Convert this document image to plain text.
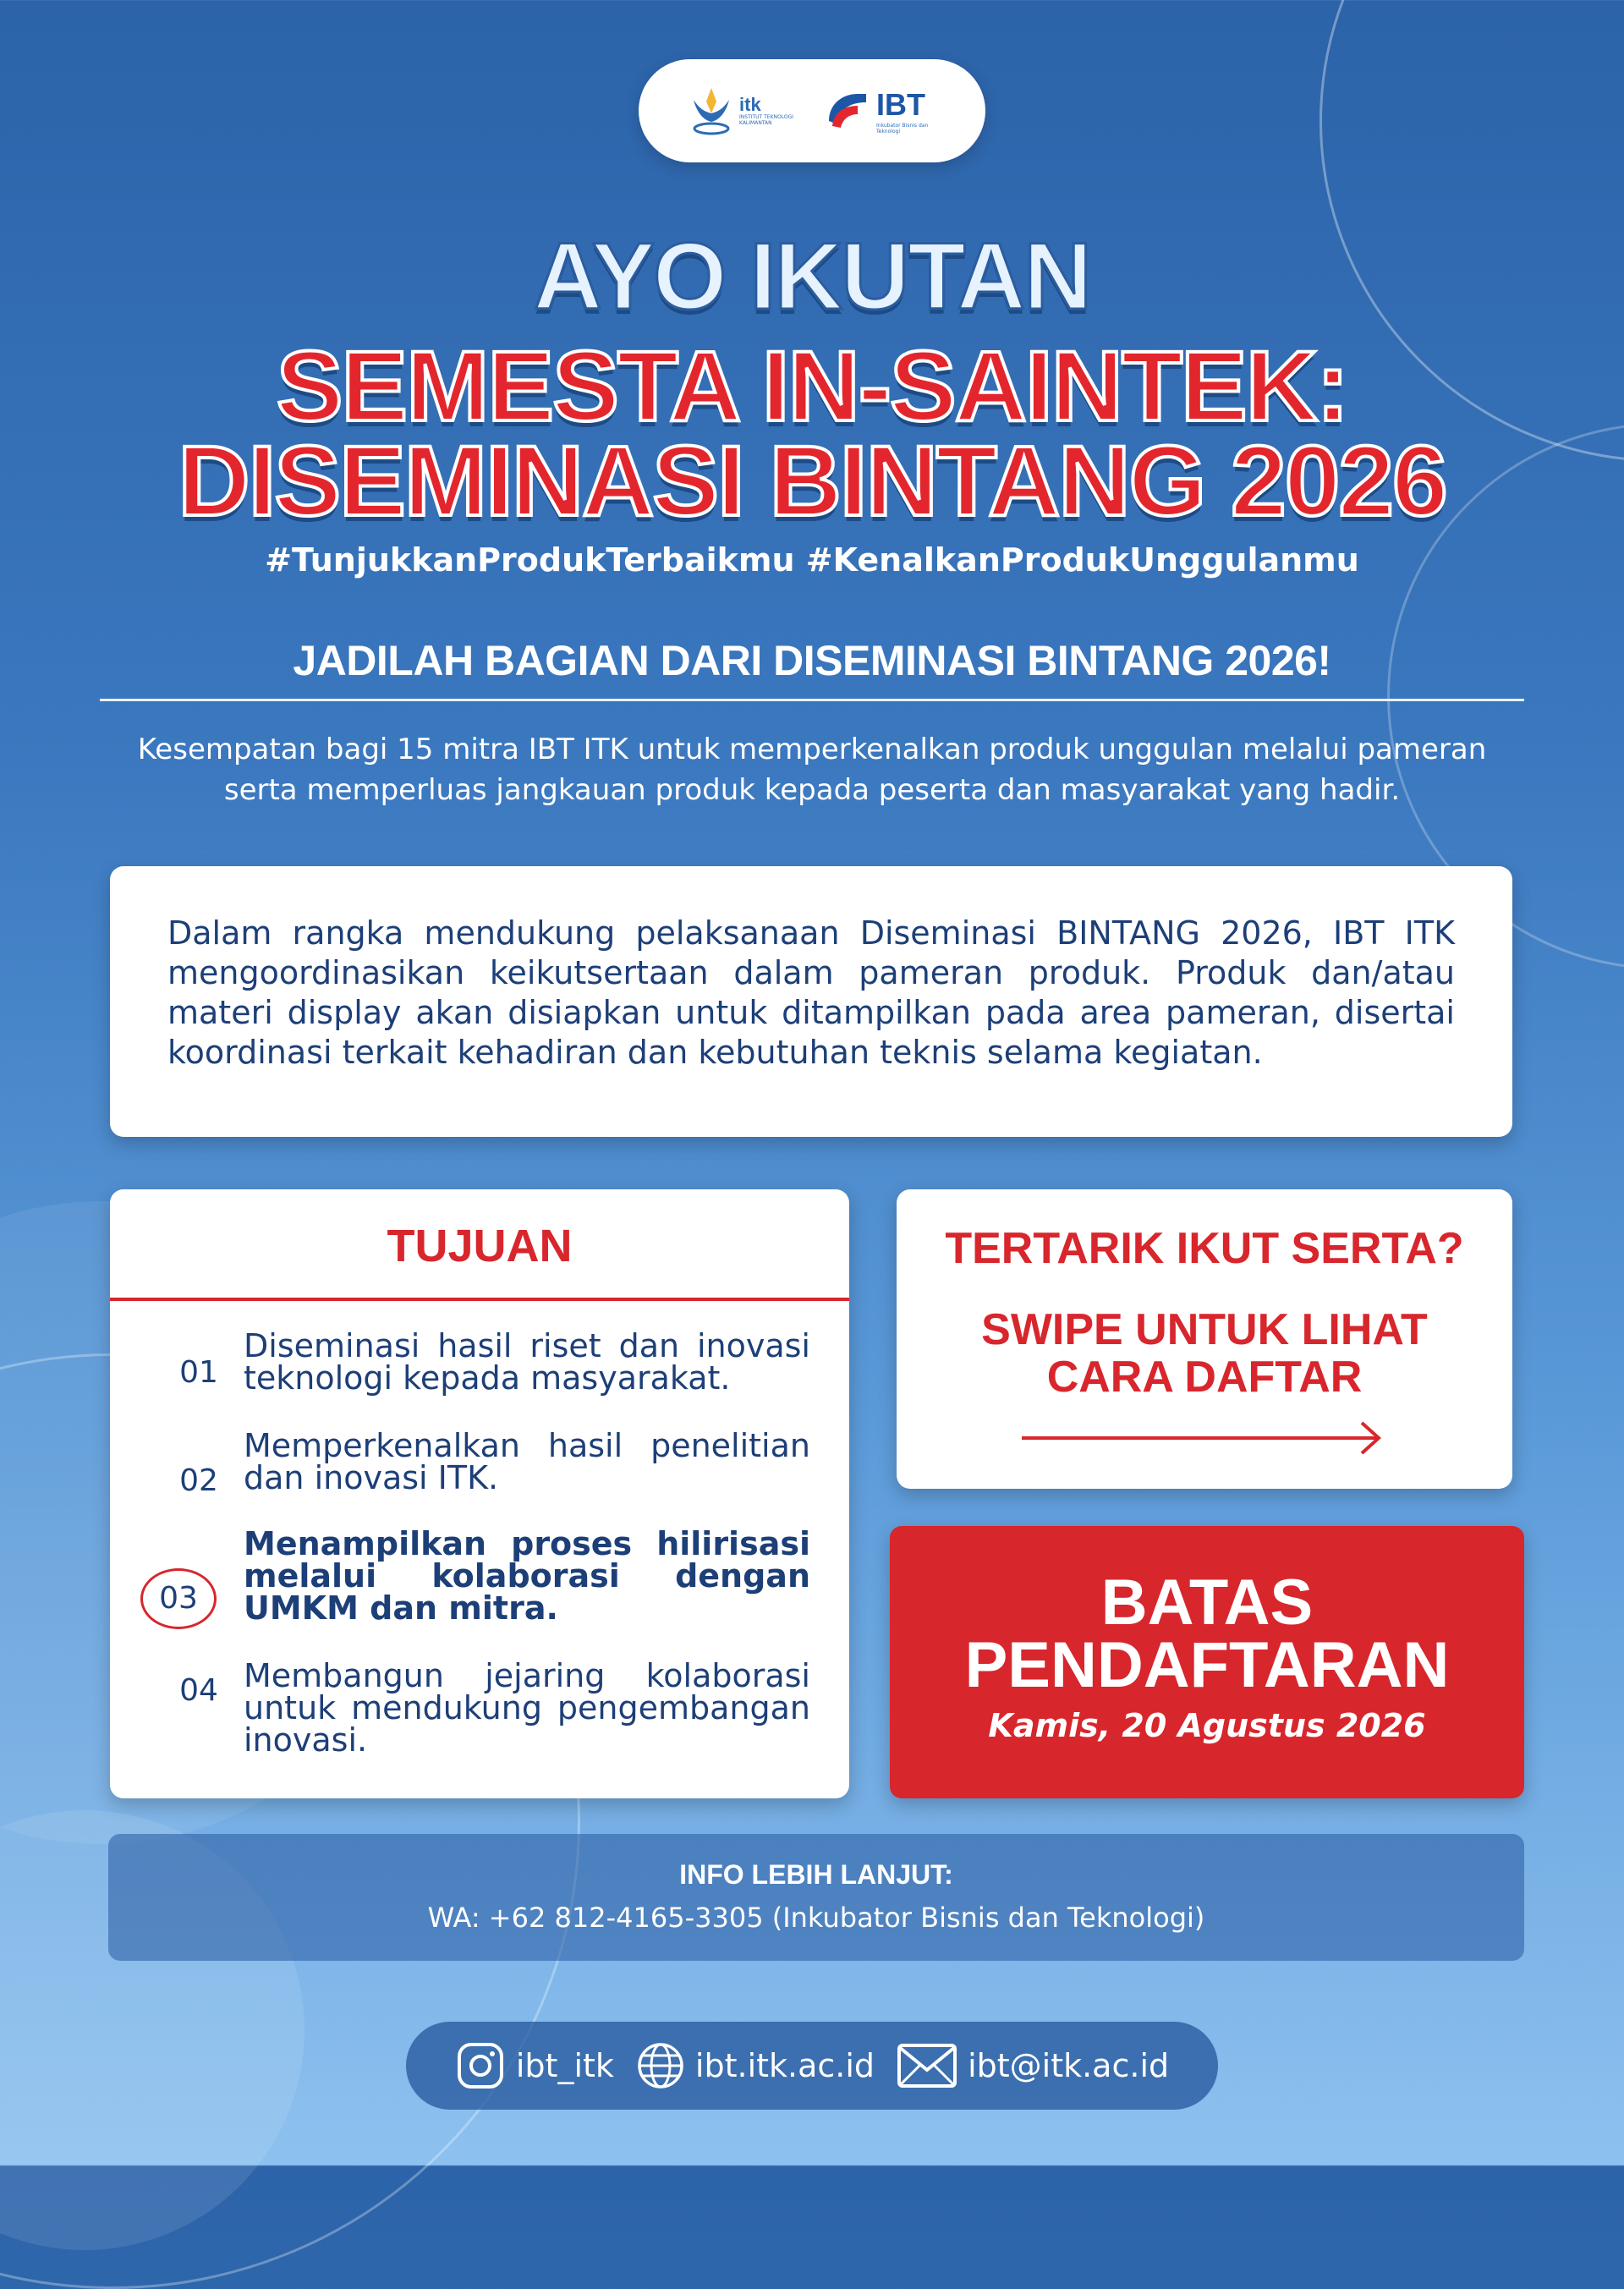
itk
INSTITUT TEKNOLOGI KALIMANTAN
IBT
Inkubator Bisnis dan Teknologi
AYO IKUTAN
SEMESTA IN-SAINTEK:
DISEMINASI BINTANG 2026
#TunjukkanProdukTerbaikmu #KenalkanProdukUnggulanmu
JADILAH BAGIAN DARI DISEMINASI BINTANG 2026!
Kesempatan bagi 15 mitra IBT ITK untuk memperkenalkan produk unggulan melalui pameran
serta memperluas jangkauan produk kepada peserta dan masyarakat yang hadir.
Dalam rangka mendukung pelaksanaan Diseminasi BINTANG 2026, IBT ITK mengoordinasikan keikutsertaan dalam pameran produk. Produk dan/atau materi display akan disiapkan untuk ditampilkan pada area pameran, disertai koordinasi terkait kehadiran dan kebutuhan teknis selama kegiatan.
TUJUAN
01
Diseminasi hasil riset dan inovasi teknologi kepada masyarakat.
02
Memperkenalkan hasil penelitian dan inovasi ITK.
03
Menampilkan proses hilirisasi melalui kolaborasi dengan UMKM dan mitra.
04 Membangun jejaring kolaborasi untuk mendukung pengembangan inovasi.
TERTARIK IKUT SERTA?
SWIPE UNTUK LIHAT
CARA DAFTAR
BATAS
PENDAFTARAN
Kamis, 20 Agustus 2026
INFO LEBIH LANJUT:
WA: +62 812-4165-3305 (Inkubator Bisnis dan Teknologi)
ibt_itk	ibt.itk.ac.id	ibt@itk.ac.id
